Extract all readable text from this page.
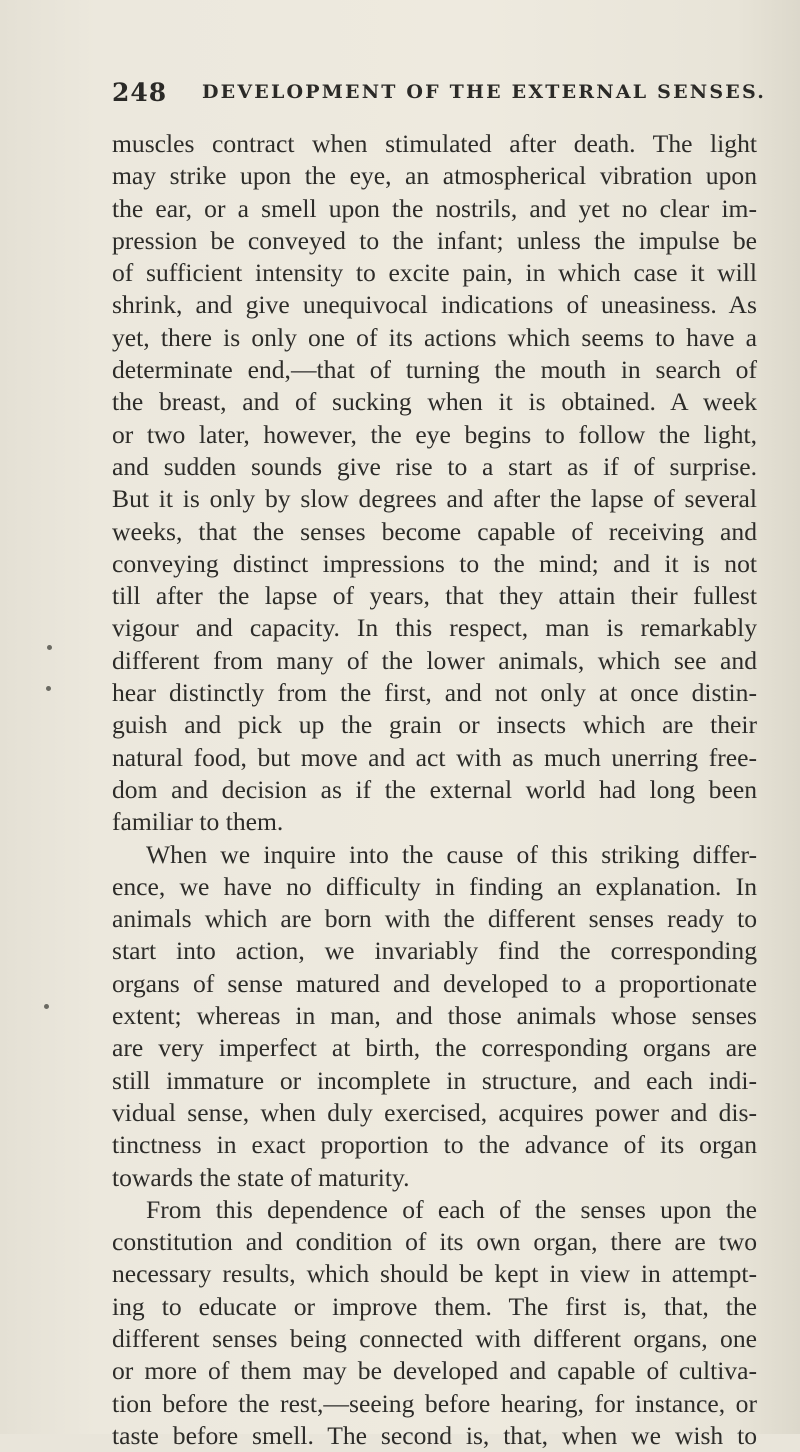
248 DEVELOPMENT OF THE EXTERNAL SENSES.
muscles contract when stimulated after death. The light
may strike upon the eye, an atmospherical vibration upon
the ear, or a smell upon the nostrils, and yet no clear im-
pression be conveyed to the infant; unless the impulse be
of sufficient intensity to excite pain, in which case it will
shrink, and give unequivocal indications of uneasiness. As
yet, there is only one of its actions which seems to have a
determinate end,—that of turning the mouth in search of
the breast, and of sucking when it is obtained. A week
or two later, however, the eye begins to follow the light,
and sudden sounds give rise to a start as if of surprise.
But it is only by slow degrees and after the lapse of several
weeks, that the senses become capable of receiving and
conveying distinct impressions to the mind; and it is not
till after the lapse of years, that they attain their fullest
vigour and capacity. In this respect, man is remarkably
different from many of the lower animals, which see and
hear distinctly from the first, and not only at once distin-
guish and pick up the grain or insects which are their
natural food, but move and act with as much unerring free-
dom and decision as if the external world had long been
familiar to them.
When we inquire into the cause of this striking differ-
ence, we have no difficulty in finding an explanation. In
animals which are born with the different senses ready to
start into action, we invariably find the corresponding
organs of sense matured and developed to a proportionate
extent; whereas in man, and those animals whose senses
are very imperfect at birth, the corresponding organs are
still immature or incomplete in structure, and each indi-
vidual sense, when duly exercised, acquires power and dis-
tinctness in exact proportion to the advance of its organ
towards the state of maturity.
From this dependence of each of the senses upon the
constitution and condition of its own organ, there are two
necessary results, which should be kept in view in attempt-
ing to educate or improve them. The first is, that, the
different senses being connected with different organs, one
or more of them may be developed and capable of cultiva-
tion before the rest,—seeing before hearing, for instance, or
taste before smell. The second is, that, when we wish to
